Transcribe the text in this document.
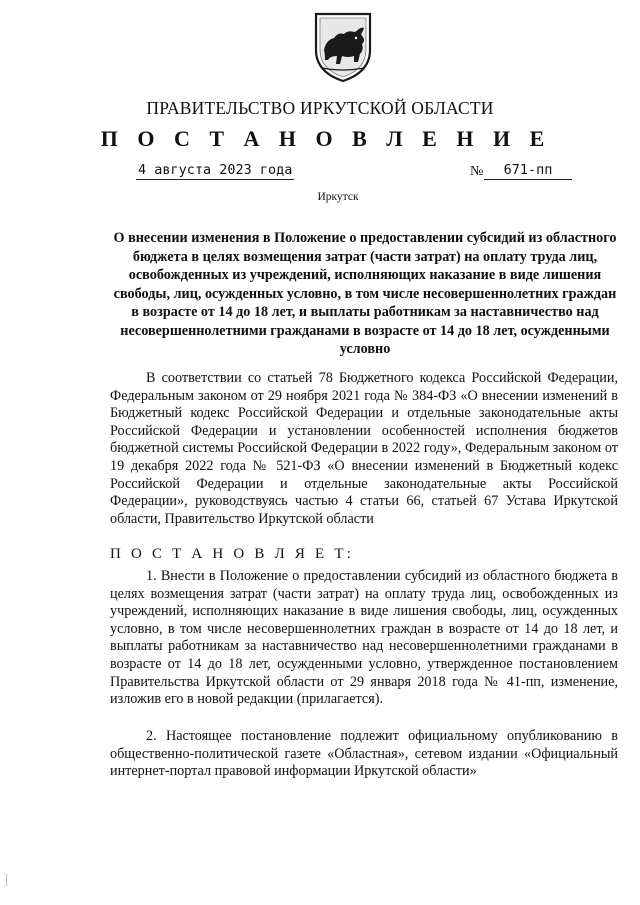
ПРАВИТЕЛЬСТВО ИРКУТСКОЙ ОБЛАСТИ
П О С Т А Н О В Л Е Н И Е
4 августа 2023 года	№	671-пп
Иркутск
О внесении изменения в Положение о предоставлении субсидий из областного бюджета в целях возмещения затрат (части затрат) на оплату труда лиц, освобожденных из учреждений, исполняющих наказание в виде лишения свободы, лиц, осужденных условно, в том числе несовершеннолетних граждан в возрасте от 14 до 18 лет, и выплаты работникам за наставничество над несовершеннолетними гражданами в возрасте от 14 до 18 лет, осужденными условно
В соответствии со статьей 78 Бюджетного кодекса Российской Федерации, Федеральным законом от 29 ноября 2021 года № 384-ФЗ «О внесении изменений в Бюджетный кодекс Российской Федерации и отдельные законодательные акты Российской Федерации и установлении особенностей исполнения бюджетов бюджетной системы Российской Федерации в 2022 году», Федеральным законом от 19 декабря 2022 года № 521-ФЗ «О внесении изменений в Бюджетный кодекс Российской Федерации и отдельные законодательные акты Российской Федерации», руководствуясь частью 4 статьи 66, статьей 67 Устава Иркутской области, Правительство Иркутской области
П О С Т А Н О В Л Я Е Т:
1. Внести в Положение о предоставлении субсидий из областного бюджета в целях возмещения затрат (части затрат) на оплату труда лиц, освобожденных из учреждений, исполняющих наказание в виде лишения свободы, лиц, осужденных условно, в том числе несовершеннолетних граждан в возрасте от 14 до 18 лет, и выплаты работникам за наставничество над несовершеннолетними гражданами в возрасте от 14 до 18 лет, осужденными условно, утвержденное постановлением Правительства Иркутской области от 29 января 2018 года № 41-пп, изменение, изложив его в новой редакции (прилагается).
2. Настоящее постановление подлежит официальному опубликованию в общественно-политической газете «Областная», сетевом издании «Официальный интернет-портал правовой информации Иркутской области»
